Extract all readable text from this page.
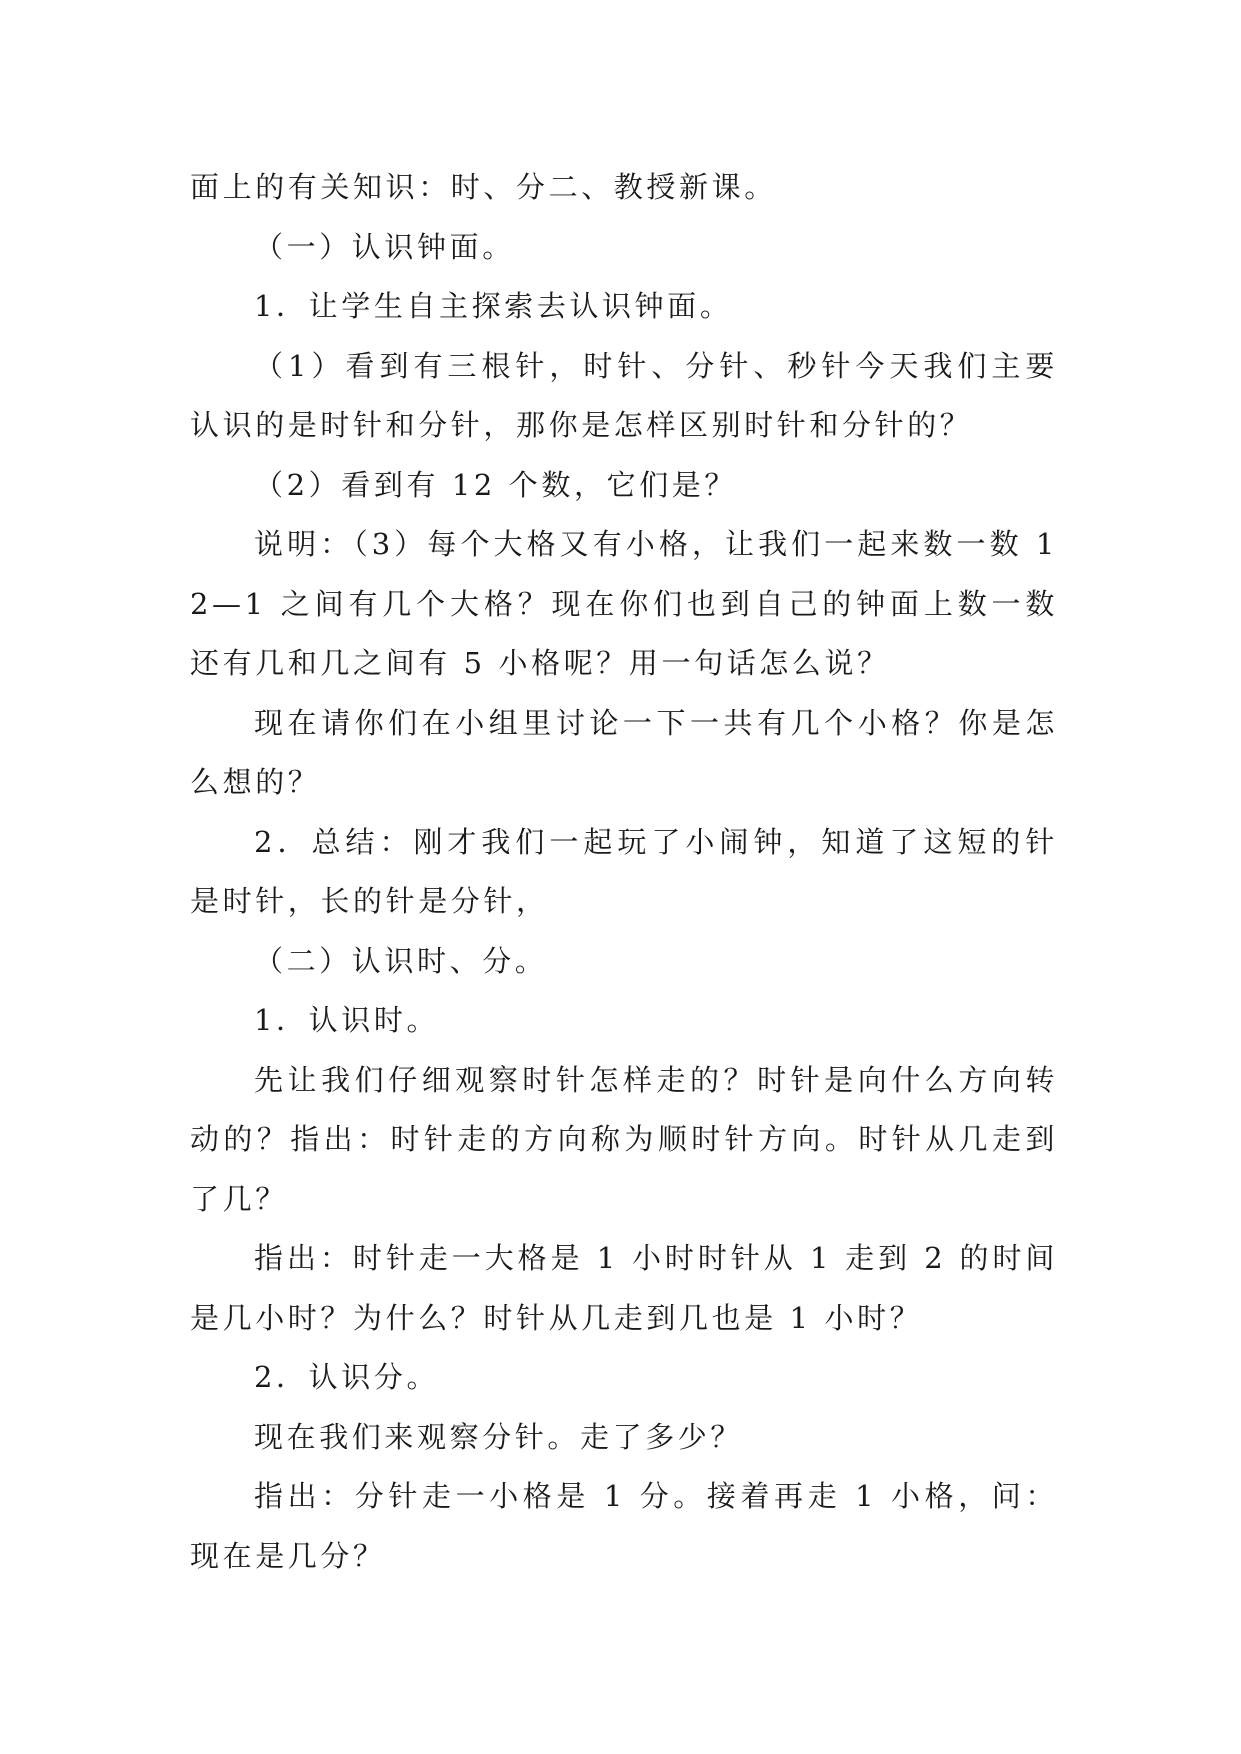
面上的有关知识：时、分二、教授新课。

（一）认识钟面。

1．让学生自主探索去认识钟面。

（1）看到有三根针，时针、分针、秒针今天我们主要认识的是时针和分针，那你是怎样区别时针和分针的？

（2）看到有 12 个数，它们是？

说明：（3）每个大格又有小格，让我们一起来数一数 12—1 之间有几个大格？现在你们也到自己的钟面上数一数还有几和几之间有 5 小格呢？用一句话怎么说？

现在请你们在小组里讨论一下一共有几个小格？你是怎么想的？

2．总结：刚才我们一起玩了小闹钟，知道了这短的针是时针，长的针是分针，

（二）认识时、分。

1．认识时。

先让我们仔细观察时针怎样走的？时针是向什么方向转动的？指出：时针走的方向称为顺时针方向。时针从几走到了几？

指出：时针走一大格是 1 小时时针从 1 走到 2 的时间是几小时？为什么？时针从几走到几也是 1 小时？

2．认识分。

现在我们来观察分针。走了多少？

指出：分针走一小格是 1 分。接着再走 1 小格，问：现在是几分？
